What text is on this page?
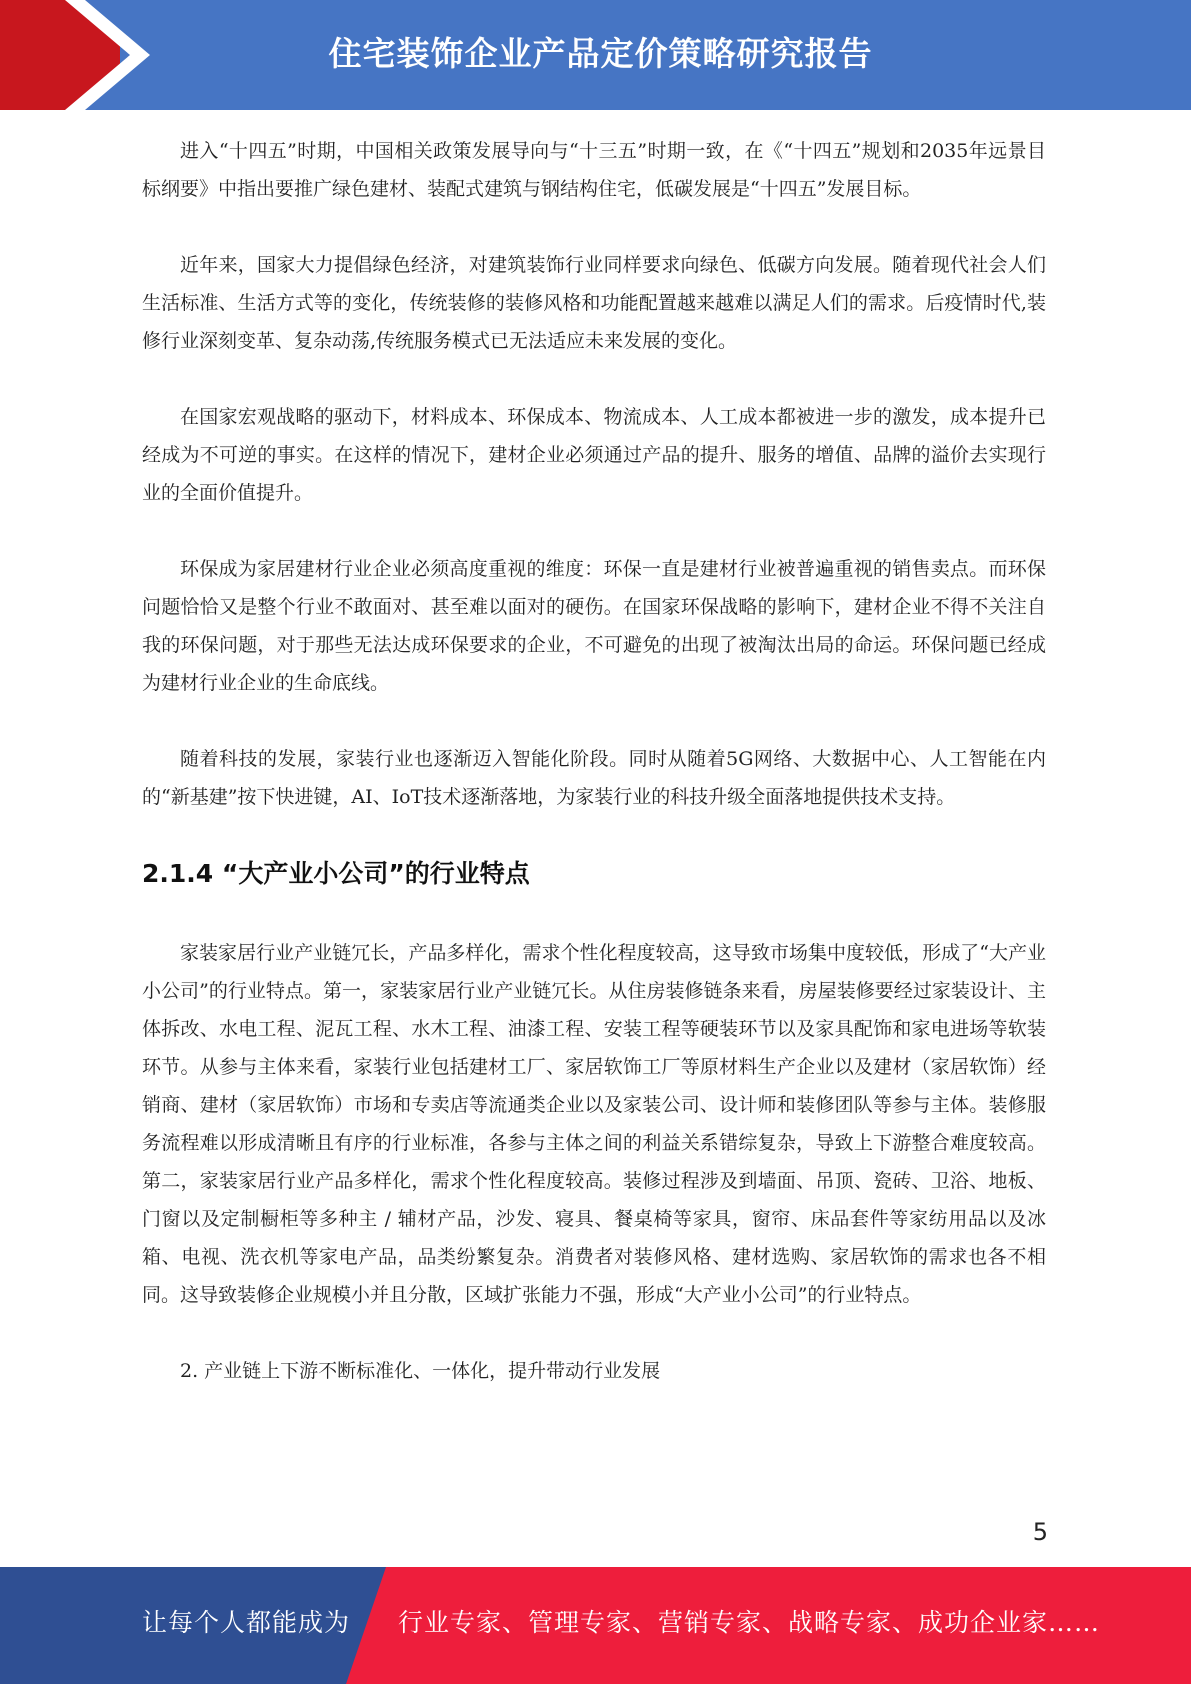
住宅装饰企业产品定价策略研究报告

进入“十四五”时期，中国相关政策发展导向与“十三五”时期一致，在《“十四五”规划和2035年远景目标纲要》中指出要推广绿色建材、装配式建筑与钢结构住宅，低碳发展是“十四五”发展目标。

近年来，国家大力提倡绿色经济，对建筑装饰行业同样要求向绿色、低碳方向发展。随着现代社会人们生活标准、生活方式等的变化，传统装修的装修风格和功能配置越来越难以满足人们的需求。后疫情时代,装修行业深刻变革、复杂动荡,传统服务模式已无法适应未来发展的变化。

在国家宏观战略的驱动下，材料成本、环保成本、物流成本、人工成本都被进一步的激发，成本提升已经成为不可逆的事实。在这样的情况下，建材企业必须通过产品的提升、服务的增值、品牌的溢价去实现行业的全面价值提升。

环保成为家居建材行业企业必须高度重视的维度：环保一直是建材行业被普遍重视的销售卖点。而环保问题恰恰又是整个行业不敢面对、甚至难以面对的硬伤。在国家环保战略的影响下，建材企业不得不关注自我的环保问题，对于那些无法达成环保要求的企业，不可避免的出现了被淘汰出局的命运。环保问题已经成为建材行业企业的生命底线。

随着科技的发展，家装行业也逐渐迈入智能化阶段。同时从随着5G网络、大数据中心、人工智能在内的“新基建”按下快进键，AI、IoT技术逐渐落地，为家装行业的科技升级全面落地提供技术支持。

2.1.4 “大产业小公司”的行业特点

家装家居行业产业链冗长，产品多样化，需求个性化程度较高，这导致市场集中度较低，形成了“大产业小公司”的行业特点。第一，家装家居行业产业链冗长。从住房装修链条来看，房屋装修要经过家装设计、主体拆改、水电工程、泥瓦工程、水木工程、油漆工程、安装工程等硬装环节以及家具配饰和家电进场等软装环节。从参与主体来看，家装行业包括建材工厂、家居软饰工厂等原材料生产企业以及建材（家居软饰）经销商、建材（家居软饰）市场和专卖店等流通类企业以及家装公司、设计师和装修团队等参与主体。装修服务流程难以形成清晰且有序的行业标准，各参与主体之间的利益关系错综复杂，导致上下游整合难度较高。第二，家装家居行业产品多样化，需求个性化程度较高。装修过程涉及到墙面、吊顶、瓷砖、卫浴、地板、门窗以及定制橱柜等多种主 / 辅材产品，沙发、寝具、餐桌椅等家具，窗帘、床品套件等家纺用品以及冰箱、电视、洗衣机等家电产品，品类纷繁复杂。消费者对装修风格、建材选购、家居软饰的需求也各不相同。这导致装修企业规模小并且分散，区域扩张能力不强，形成“大产业小公司”的行业特点。

2. 产业链上下游不断标准化、一体化，提升带动行业发展

5
让每个人都能成为 行业专家、管理专家、营销专家、战略专家、成功企业家……
